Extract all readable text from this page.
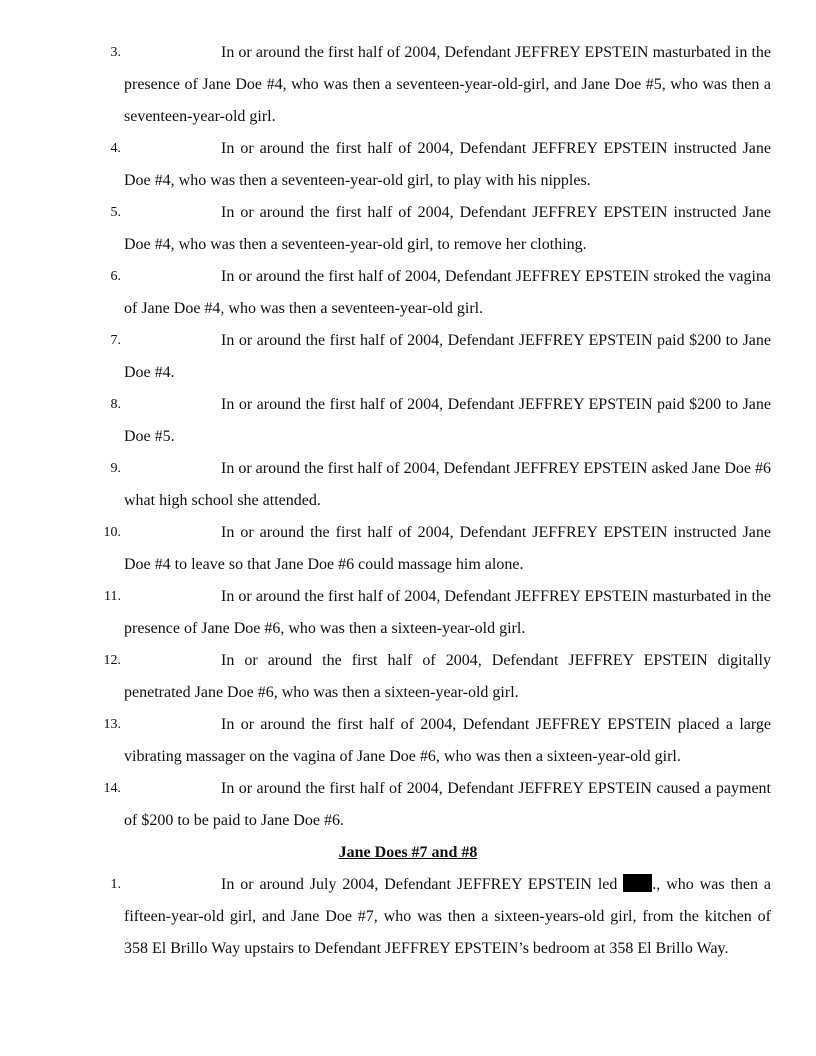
3.	In or around the first half of 2004, Defendant JEFFREY EPSTEIN masturbated in the presence of Jane Doe #4, who was then a seventeen-year-old-girl, and Jane Doe #5, who was then a seventeen-year-old girl.

4.	In or around the first half of 2004, Defendant JEFFREY EPSTEIN instructed Jane Doe #4, who was then a seventeen-year-old girl, to play with his nipples.

5.	In or around the first half of 2004, Defendant JEFFREY EPSTEIN instructed Jane Doe #4, who was then a seventeen-year-old girl, to remove her clothing.

6.	In or around the first half of 2004, Defendant JEFFREY EPSTEIN stroked the vagina of Jane Doe #4, who was then a seventeen-year-old girl.

7.	In or around the first half of 2004, Defendant JEFFREY EPSTEIN paid $200 to Jane Doe #4.

8.	In or around the first half of 2004, Defendant JEFFREY EPSTEIN paid $200 to Jane Doe #5.

9.	In or around the first half of 2004, Defendant JEFFREY EPSTEIN asked Jane Doe #6 what high school she attended.

10.	In or around the first half of 2004, Defendant JEFFREY EPSTEIN instructed Jane Doe #4 to leave so that Jane Doe #6 could massage him alone.

11.	In or around the first half of 2004, Defendant JEFFREY EPSTEIN masturbated in the presence of Jane Doe #6, who was then a sixteen-year-old girl.

12.	In or around the first half of 2004, Defendant JEFFREY EPSTEIN digitally penetrated Jane Doe #6, who was then a sixteen-year-old girl.

13.	In or around the first half of 2004, Defendant JEFFREY EPSTEIN placed a large vibrating massager on the vagina of Jane Doe #6, who was then a sixteen-year-old girl.

14.	In or around the first half of 2004, Defendant JEFFREY EPSTEIN caused a payment of $200 to be paid to Jane Doe #6.

Jane Does #7 and #8
1.	In or around July 2004, Defendant JEFFREY EPSTEIN led ., who was then a fifteen-year-old girl, and Jane Doe #7, who was then a sixteen-years-old girl, from the kitchen of 358 El Brillo Way upstairs to Defendant JEFFREY EPSTEIN’s bedroom at 358 El Brillo Way.
